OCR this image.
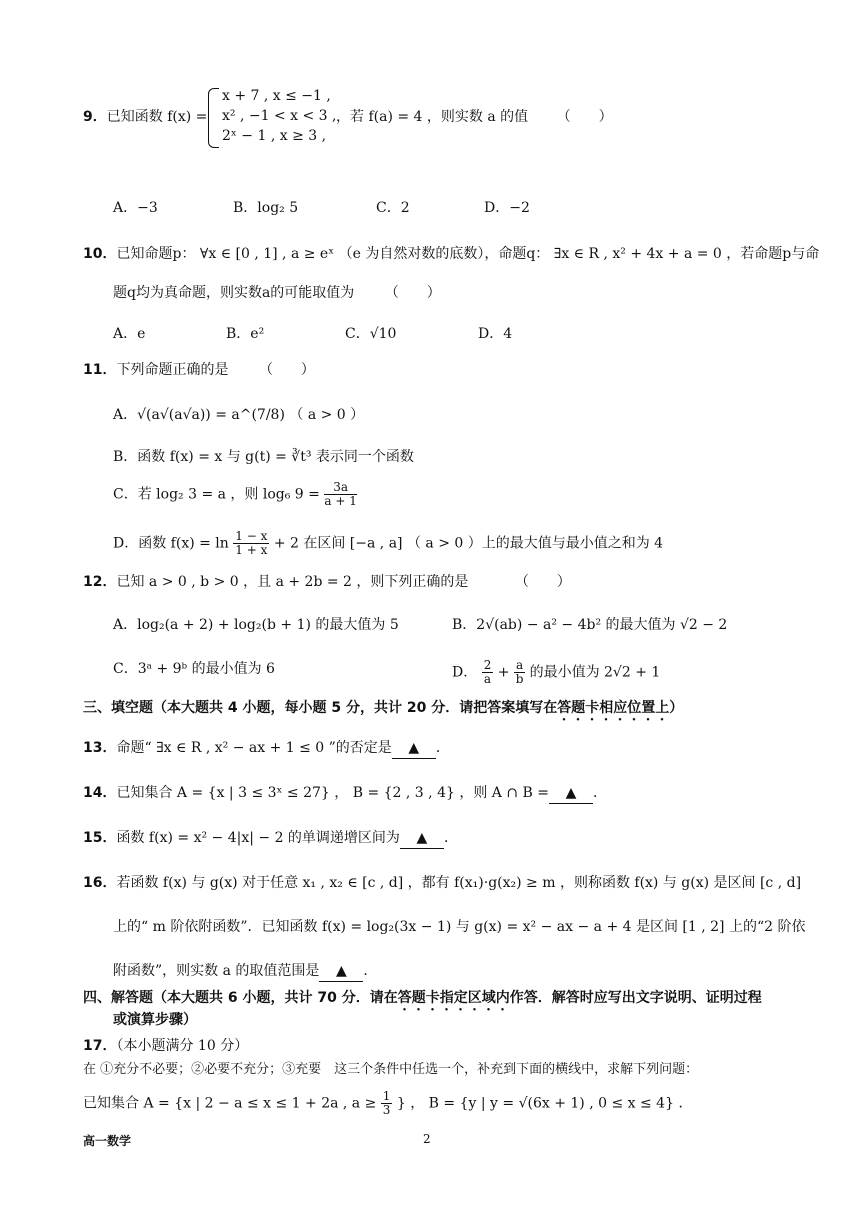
9．已知函数 f(x) =
x + 7 , x ≤ −1 ,
x² , −1 < x < 3 ,
2ˣ − 1 , x ≥ 3 ,
，若 f(a) = 4 ，则实数 a 的值 （　　）
A．−3	B．log₂ 5	C．2	D．−2
10．已知命题p： ∀x ∈ [0 , 1] , a ≥ eˣ （e 为自然对数的底数），命题q： ∃x ∈ R , x² + 4x + a = 0 ，若命题p与命
题q均为真命题，则实数a的可能取值为 （　　）
A．e	B．e²	C．√10	D．4
11．下列命题正确的是 （　　）
A．√(a√(a√a)) = a^(7/8) （ a > 0 ）
B．函数 f(x) = x 与 g(t) = ∛t³ 表示同一个函数
C．若 log₂ 3 = a ，则 log₆ $9 = \frac{3a}{a + 1}$
D．函数 $f(x) = \ln \frac{1 - x}{1 + x} + 2$ 在区间 [−a , a] （ a > 0 ）上的最大值与最小值之和为 4
12．已知 a > 0 , b > 0 ，且 a + 2b = 2 ，则下列正确的是	（　　）
A．log₂(a + 2) + log₂(b + 1) 的最大值为 5	B．2√(ab) − a² − 4b² 的最大值为 √2 − 2
C．3ᵃ + 9ᵇ 的最小值为 6	D． $\frac{2}{a} + \frac{a}{b}$ 的最小值为 2√2 + 1
三、填空题（本大题共 4 小题，每小题 5 分，共计 20 分．请把答案填写在答题卡相应位置上）
13．命题“ ∃x ∈ R , x² − ax + 1 ≤ 0 ”的否定是 ▲ ．
14．已知集合 A = {x | 3 ≤ 3ˣ ≤ 27} ， B = {2 , 3 , 4} ，则 A ∩ B = ▲ ．
15．函数 f(x) = x² − 4|x| − 2 的单调递增区间为 ▲ ．
16．若函数 f(x) 与 g(x) 对于任意 x₁ , x₂ ∈ [c , d] ，都有 f(x₁)·g(x₂) ≥ m ，则称函数 f(x) 与 g(x) 是区间 [c , d]
上的“ m 阶依附函数”．已知函数 f(x) = log₂(3x − 1) 与 g(x) = x² − ax − a + 4 是区间 [1 , 2] 上的“2 阶依
附函数”，则实数 a 的取值范围是 ▲ ．
四、解答题（本大题共 6 小题，共计 70 分．请在答题卡指定区域内作答．解答时应写出文字说明、证明过程
或演算步骤）
17．（本小题满分 10 分）
在 ①充分不必要；②必要不充分；③充要　这三个条件中任选一个，补充到下面的横线中，求解下列问题：
已知集合 A = {x | 2 − a ≤ x ≤ 1 + 2a , $a \ge \frac{1}{3}$ } ， B = {y | y = √(6x + 1) , 0 ≤ x ≤ 4} ．
高一数学	2
